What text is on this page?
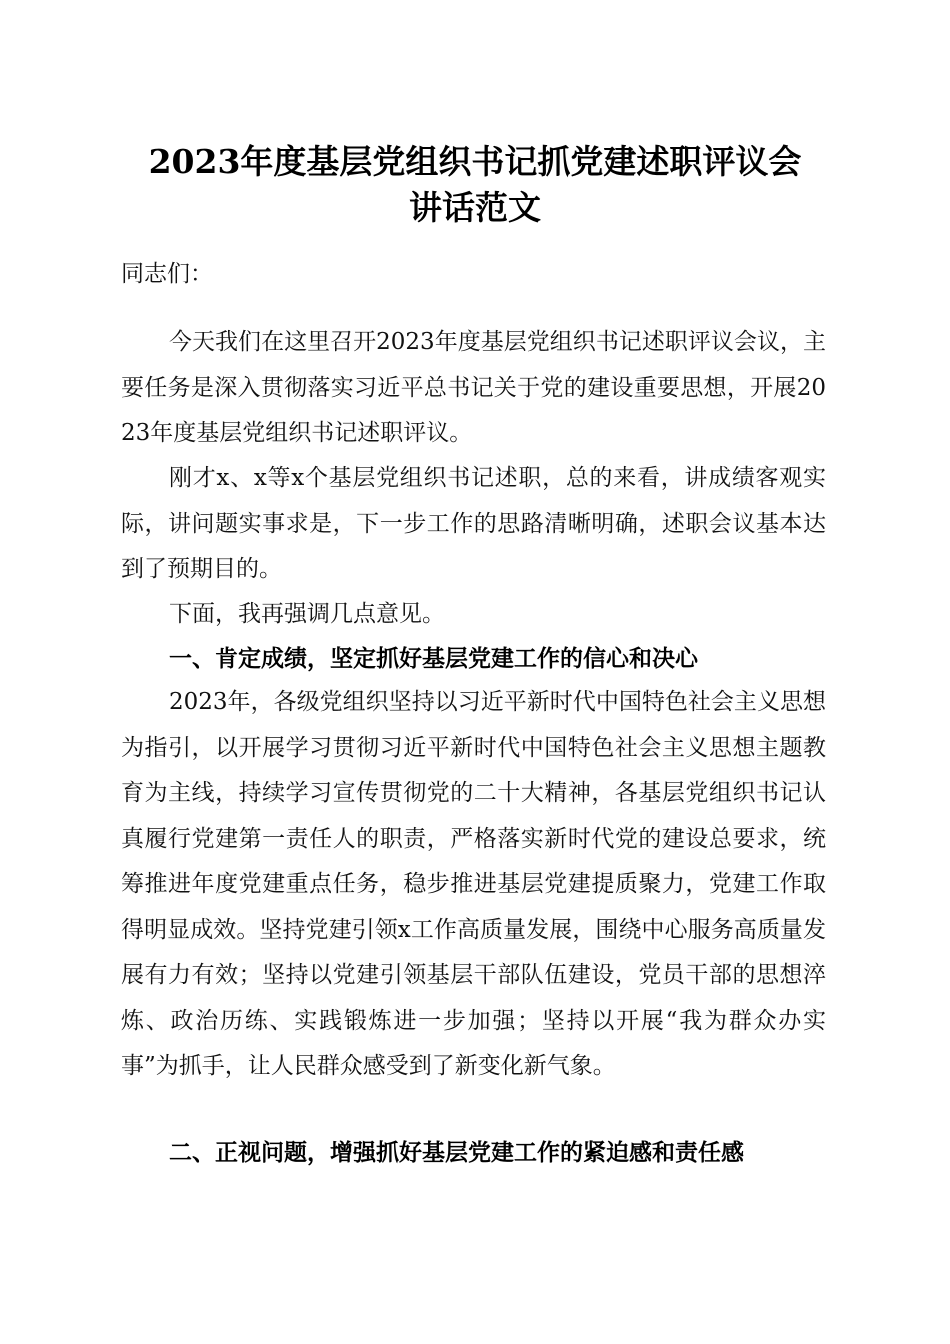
2023年度基层党组织书记抓党建述职评议会
讲话范文
同志们：
今天我们在这里召开2023年度基层党组织书记述职评议会议，主要任务是深入贯彻落实习近平总书记关于党的建设重要思想，开展2023年度基层党组织书记述职评议。
刚才x、x等x个基层党组织书记述职，总的来看，讲成绩客观实际，讲问题实事求是，下一步工作的思路清晰明确，述职会议基本达到了预期目的。
下面，我再强调几点意见。
一、肯定成绩，坚定抓好基层党建工作的信心和决心
2023年，各级党组织坚持以习近平新时代中国特色社会主义思想为指引，以开展学习贯彻习近平新时代中国特色社会主义思想主题教育为主线，持续学习宣传贯彻党的二十大精神，各基层党组织书记认真履行党建第一责任人的职责，严格落实新时代党的建设总要求，统筹推进年度党建重点任务，稳步推进基层党建提质聚力，党建工作取得明显成效。坚持党建引领x工作高质量发展，围绕中心服务高质量发展有力有效；坚持以党建引领基层干部队伍建设，党员干部的思想淬炼、政治历练、实践锻炼进一步加强；坚持以开展“我为群众办实事”为抓手，让人民群众感受到了新变化新气象。
二、正视问题，增强抓好基层党建工作的紧迫感和责任感
